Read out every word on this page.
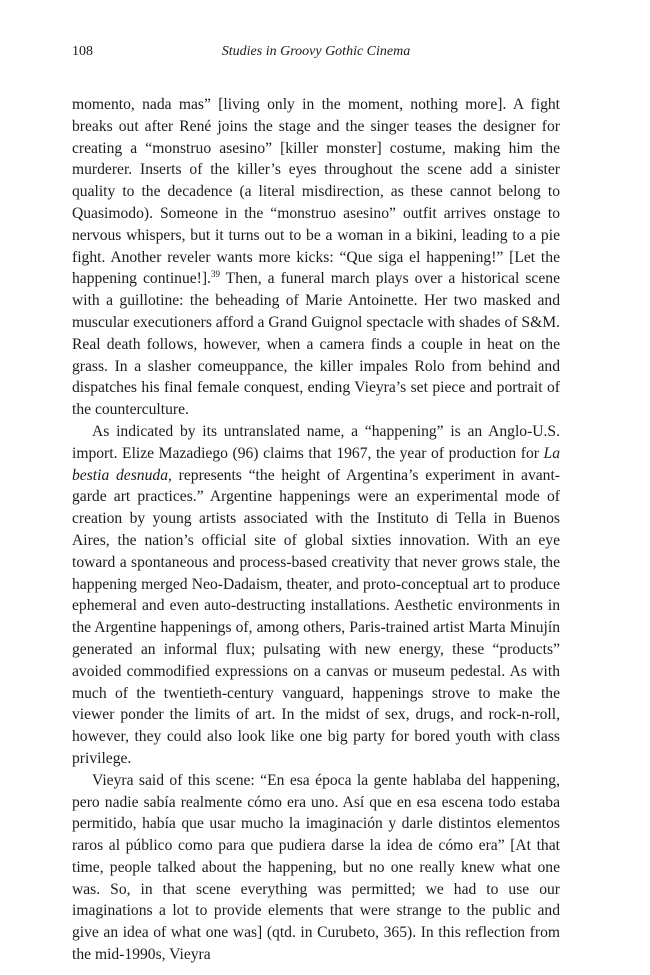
108	Studies in Groovy Gothic Cinema

momento, nada mas” [living only in the moment, nothing more]. A fight breaks out after René joins the stage and the singer teases the designer for creating a “monstruo asesino” [killer monster] costume, making him the murderer. Inserts of the killer’s eyes throughout the scene add a sinister quality to the decadence (a literal misdirection, as these cannot belong to Quasimodo). Someone in the “monstruo asesino” outfit arrives onstage to nervous whispers, but it turns out to be a woman in a bikini, leading to a pie fight. Another reveler wants more kicks: “Que siga el happening!” [Let the happening continue!].$^{39}$ Then, a funeral march plays over a historical scene with a guillotine: the beheading of Marie Antoinette. Her two masked and muscular executioners afford a Grand Guignol spectacle with shades of S&M. Real death follows, however, when a camera finds a couple in heat on the grass. In a slasher comeuppance, the killer impales Rolo from behind and dispatches his final female conquest, ending Vieyra’s set piece and portrait of the counterculture.

As indicated by its untranslated name, a “happening” is an Anglo-U.S. import. Elize Mazadiego (96) claims that 1967, the year of production for La bestia desnuda, represents “the height of Argentina’s experiment in avant-garde art practices.” Argentine happenings were an experimental mode of creation by young artists associated with the Instituto di Tella in Buenos Aires, the nation’s official site of global sixties innovation. With an eye toward a spontaneous and process-based creativity that never grows stale, the happening merged Neo-Dadaism, theater, and proto-conceptual art to produce ephemeral and even auto-destructing installations. Aesthetic environments in the Argentine happenings of, among others, Paris-trained artist Marta Minujín generated an informal flux; pulsating with new energy, these “products” avoided commodified expressions on a canvas or museum pedestal. As with much of the twentieth-century vanguard, happenings strove to make the viewer ponder the limits of art. In the midst of sex, drugs, and rock-n-roll, however, they could also look like one big party for bored youth with class privilege.

Vieyra said of this scene: “En esa época la gente hablaba del happening, pero nadie sabía realmente cómo era uno. Así que en esa escena todo estaba permitido, había que usar mucho la imaginación y darle distintos elementos raros al público como para que pudiera darse la idea de cómo era” [At that time, people talked about the happening, but no one really knew what one was. So, in that scene everything was permitted; we had to use our imaginations a lot to provide elements that were strange to the public and give an idea of what one was] (qtd. in Curubeto, 365). In this reflection from the mid-1990s, Vieyra
